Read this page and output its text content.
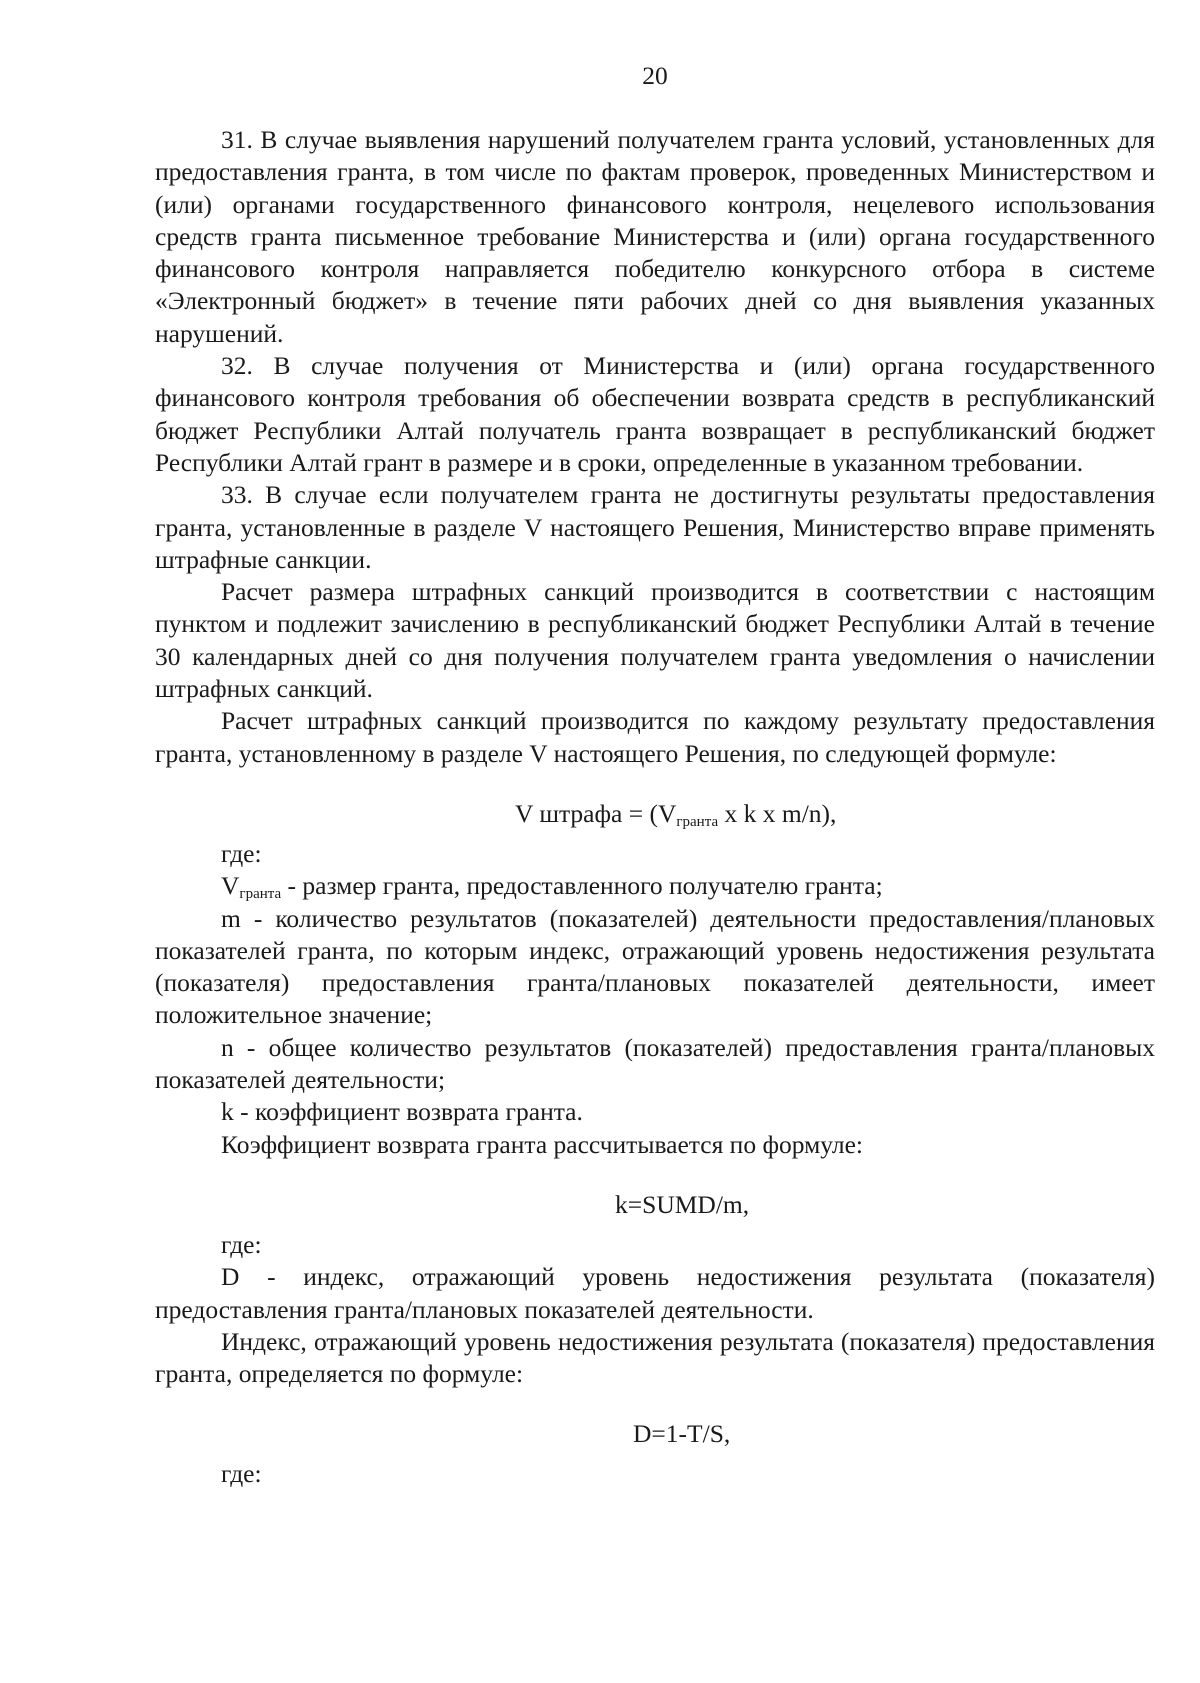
20

31. В случае выявления нарушений получателем гранта условий, установленных для предоставления гранта, в том числе по фактам проверок, проведенных Министерством и (или) органами государственного финансового контроля, нецелевого использования средств гранта письменное требование Министерства и (или) органа государственного финансового контроля направляется победителю конкурсного отбора в системе «Электронный бюджет» в течение пяти рабочих дней со дня выявления указанных нарушений.

32. В случае получения от Министерства и (или) органа государственного финансового контроля требования об обеспечении возврата средств в республиканский бюджет Республики Алтай получатель гранта возвращает в республиканский бюджет Республики Алтай грант в размере и в сроки, определенные в указанном требовании.

33. В случае если получателем гранта не достигнуты результаты предоставления гранта, установленные в разделе V настоящего Решения, Министерство вправе применять штрафные санкции.

Расчет размера штрафных санкций производится в соответствии с настоящим пунктом и подлежит зачислению в республиканский бюджет Республики Алтай в течение 30 календарных дней со дня получения получателем гранта уведомления о начислении штрафных санкций.

Расчет штрафных санкций производится по каждому результату предоставления гранта, установленному в разделе V настоящего Решения, по следующей формуле:

V штрафа = ($V_{гранта}$ x k x m/n),

где:

$V_{гранта}$ - размер гранта, предоставленного получателю гранта;

m - количество результатов (показателей) деятельности предоставления/плановых показателей гранта, по которым индекс, отражающий уровень недостижения результата (показателя) предоставления гранта/плановых показателей деятельности, имеет положительное значение;

n - общее количество результатов (показателей) предоставления гранта/плановых показателей деятельности;

k - коэффициент возврата гранта.

Коэффициент возврата гранта рассчитывается по формуле:

k=SUMD/m,

где:

D - индекс, отражающий уровень недостижения результата (показателя) предоставления гранта/плановых показателей деятельности.

Индекс, отражающий уровень недостижения результата (показателя) предоставления гранта, определяется по формуле:

D=1-T/S,

где:
